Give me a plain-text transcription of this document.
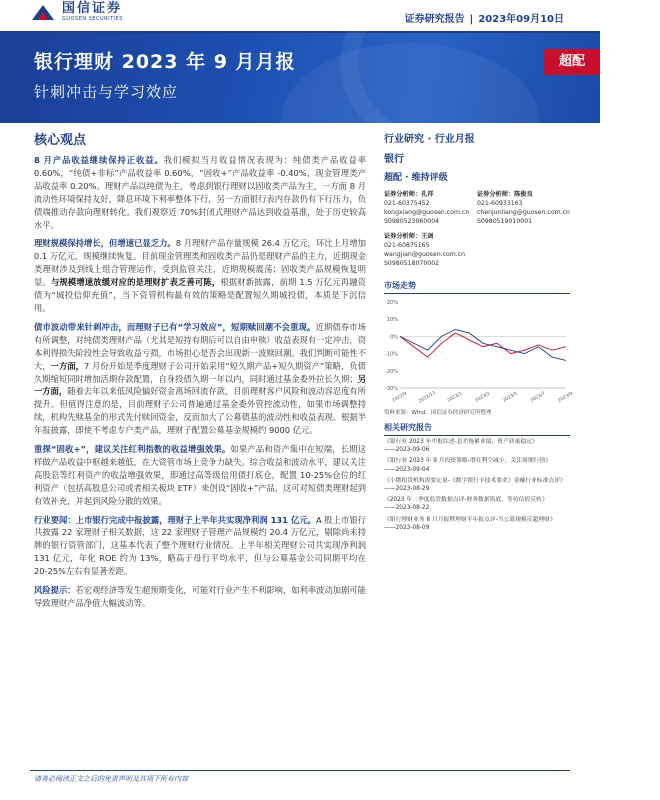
国信证券
GUOSEN SECURITIES	证券研究报告 | 2023年09月10日
银行理财 2023 年 9 月月报
针刺冲击与学习效应
超配
核心观点

8 月产品收益继续保持正收益。我们模拟当月收益情况表现为：纯债类产品收益率 0.60%，“纯债+非标”产品收益率 0.60%，“固收+”产品收益率 -0.40%，现金管理类产品收益率 0.20%。理财产品以纯债为主，考虑到银行理财以固收类产品为主，一方面 8 月流动性环境保持友好，降息环境下利率整体下行，另一方面银行表内存款仍有下行压力，负债端推动存款向理财转化。我们观察近 70%封闭式理财产品达到收益基准，处于历史较高水平。

理财规模保持增长，但增速已显乏力。8 月理财产品存量规模 26.4 万亿元，环比上月增加 0.1 万亿元，规模继续恢复。目前现金管理类和固收类产品仍是理财产品的主力，近期现金类理财涉及到线上组合管理运作，受到监管关注，近期规模震荡；固收类产品规模恢复明显。与规模增速放缓对应的是理财扩表乏善可陈，根据财新披露，前期 1.5 万亿元再融资债为“城投信仰充值”，当下资管机构最有效的策略是配置短久期城投债，本质是下沉信用。

债市波动带来针刺冲击，而理财子已有“学习效应”，短期赎回潮不会重现。近期债券市场有所调整，对纯债类理财产品（尤其是短持有期后可以自由申赎）收益表现有一定冲击，资本利得损失阶段性会导致收益亏损，市场担心是否会出现新一波赎回潮。我们判断可能性不大，一方面，7 月份开始是季度理财子公司开始采用“短久期产品+短久期资产”策略，负债久期缩短同时增加活期存款配置，自身投债久期一年以内，同时通过基金委外拉长久期；另一方面，随着去年以来低风险偏好资金离场回流存款，目前理财客户风险和波动容忍度有所提升。但值得注意的是，目前理财子公司普遍通过基金委外管控流动性，如果市场调整持续，机构先赎基金的形式先付赎回资金，反而加大了公募债基的波动性和收益表现。根据半年报披露，即使不考虑专户类产品，理财子配置公募基金规模约 9000 亿元。

重探“固收+”，建议关注红利指数的收益增强效果。如果产品和资产集中在短端，长期这样做产品收益中枢越来越低，在大资管市场上竞争力缺失。综合收益和波动水平，建议关注高股息等红利资产的收益增强效果，即通过高等级信用债打底仓，配置 10-25%仓位的红利资产（包括高股息公司或者相关板块 ETF）来创设“固收+”产品，这可对短债类理财起到有效补充，并起到风险分散的效果。

行业要闻：上市银行完成中报披露，理财子上半年共实现净利润 131 亿元。A 股上市银行共披露 22 家理财子相关数据，这 22 家理财子管理产品规模约 20.4 万亿元，剔除尚未持牌的银行资管部门，这基本代表了整个理财行业情况。上半年相关理财公司共实现净利润 131 亿元，年化 ROE 约为 13%，略高于母行平均水平，但与公募基金公司同期平均在 20-25%左右有显著差距。

风险提示：若宏观经济等发生超预期变化，可能对行业产生不利影响，如利率波动加剧可能导致理财产品净值大幅波动等。

行业研究 · 行业月报
银行
超配 · 维持评级
证券分析师：孔祥
021-60375452
kongxiang@guosen.com.cn
S0980523060004
证券分析师：陈俊良
021-60933163
chenjunliang@guosen.com.cn
S0980519010001
证券分析师：王剑
021-60875165
wangjian@guosen.com.cn
S0980518070002
市场走势
-30%
-20%
-10%
0%
10%
20%
2022/9 2022/11 2023/1	2023/3	2023/5	2023/7	2023/9
资料来源：Wind、国信证券经济研究所整理
相关研究报告
《银行业 2023 年中报综述-息差拖累业绩，资产质量稳定》
——2023-09-06
《银行业 2023 年 9 月投资策略-潜在利空减少，关注周期行情》
——2023-09-04
《小微租赁机构需要定量-《数字银行卡技术要求》金融行业标准点评》
——2023-08-29
《2023 年二季度监管数据点评-财务数据筑底，等待估值反转》
——2023-08-22
《银行理财业务 8 月月报暨理财半年报点评-当公募规模反超理财》
——2023-08-09
请务必阅读正文之后的免责声明及其项下所有内容
